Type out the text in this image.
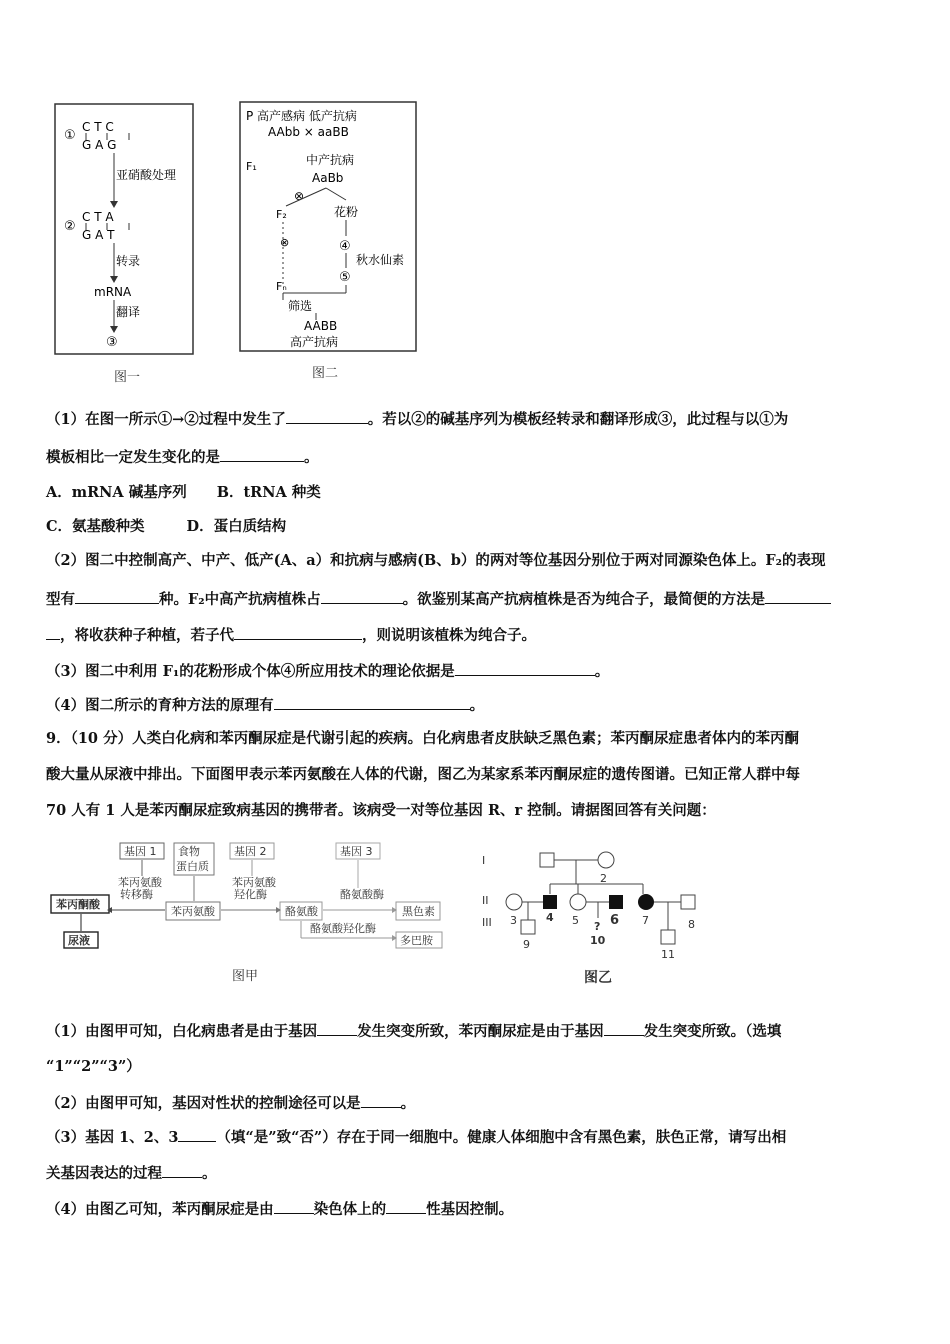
①
C T C
G A G
亚硝酸处理
②
C T A
G A T
转录
mRNA
翻译
③
图一
P 高产感病 低产抗病
AAbb × aaBB
F₁	中产抗病
AaBb
⊗
F₂	花粉
⊗	④
秋水仙素
⑤
Fₙ
筛选
AABB
高产抗病
图二
（1）在图一所示①→②过程中发生了	。若以②的碱基序列为模板经转录和翻译形成③，此过程与以①为
模板相比一定发生变化的是	。
A．mRNA 碱基序列 B．tRNA 种类
C．氨基酸种类	D．蛋白质结构
（2）图二中控制高产、中产、低产(A、a）和抗病与感病(B、b）的两对等位基因分别位于两对同源染色体上。F₂的表现
型有	种。F₂中高产抗病植株占	。欲鉴别某高产抗病植株是否为纯合子，最简便的方法是
，将收获种子种植，若子代	，则说明该植株为纯合子。
（3）图二中利用 F₁的花粉形成个体④所应用技术的理论依据是	。
（4）图二所示的育种方法的原理有	。
9．（10 分）人类白化病和苯丙酮尿症是代谢引起的疾病。白化病患者皮肤缺乏黑色素；苯丙酮尿症患者体内的苯丙酮
酸大量从尿液中排出。下面图甲表示苯丙氨酸在人体的代谢，图乙为某家系苯丙酮尿症的遗传图谱。已知正常人群中每
70 人有 1 人是苯丙酮尿症致病基因的携带者。该病受一对等位基因 R、r 控制。请据图回答有关问题：
基因 1 食物
蛋白质
基因 2	基因 3
苯丙氨酸
转移酶
苯丙氨酸
羟化酶	酪氨酸酶
酪氨酸羟化酶
苯丙酮酸
尿液
苯丙氨酸	酪氨酸	黑色素
多巴胺
图甲
I
II
III
2
3	4 5 6 7	8
9
?
10
11
图乙
（1）由图甲可知，白化病患者是由于基因	发生突变所致，苯丙酮尿症是由于基因	发生突变所致。（选填
“1”“2”“3”）
（2）由图甲可知，基因对性状的控制途径可以是	。
（3）基因 1、2、3	（填“是”致“否”）存在于同一细胞中。健康人体细胞中含有黑色素，肤色正常，请写出相
关基因表达的过程	。
（4）由图乙可知，苯丙酮尿症是由	染色体上的	性基因控制。
